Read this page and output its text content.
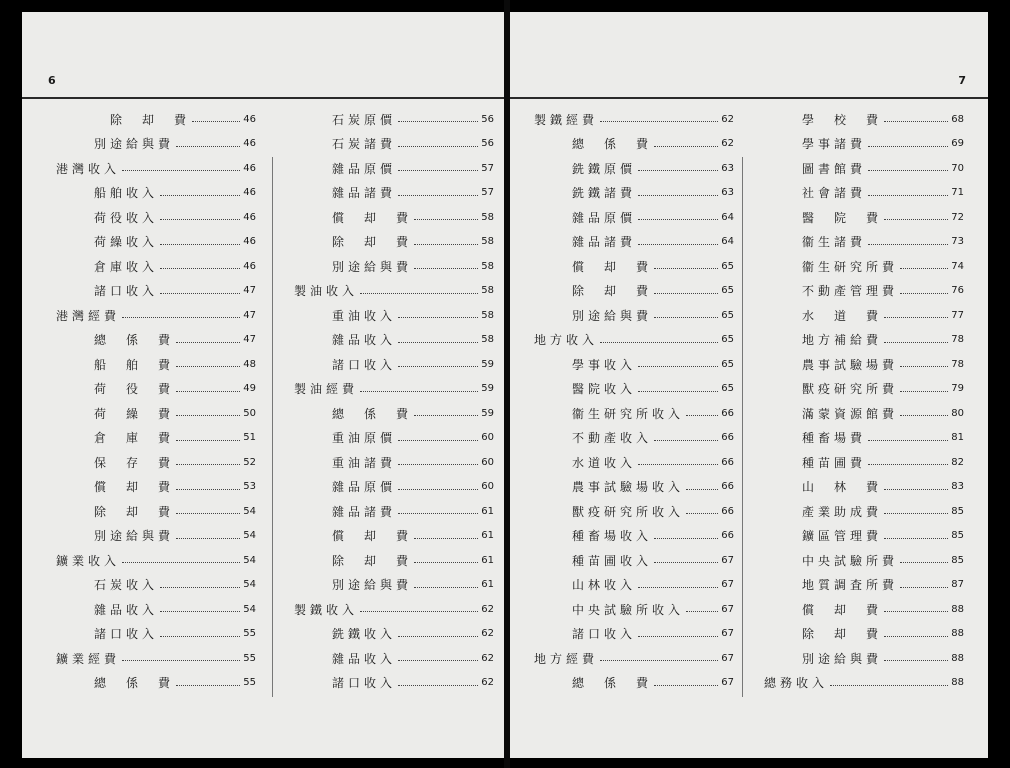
6
除　却　費	46
別途給與費	46
港灣收入	46
船舶收入	46
荷役收入	46
荷繰收入	46
倉庫收入	46
諸口收入	47
港灣經費	47
總　係　費	47
船　舶　費	48
荷　役　費	49
荷　繰　費	50
倉　庫　費	51
保　存　費	52
償　却　費	53
除　却　費	54
別途給與費	54
鑛業收入	54
石炭收入	54
雜品收入	54
諸口收入	55
鑛業經費	55
總　係　費	55
石炭原價	56
石炭諸費	56
雜品原價	57
雜品諸費	57
償　却　費	58
除　却　費	58
別途給與費	58
製油收入	58
重油收入	58
雜品收入	58
諸口收入	59
製油經費	59
總　係　費	59
重油原價	60
重油諸費	60
雜品原價	60
雜品諸費	61
償　却　費	61
除　却　費	61
別途給與費	61
製鐵收入	62
銑鐵收入	62
雜品收入	62
諸口收入	62
7
製鐵經費	62
總　係　費	62
銑鐵原價	63
銑鐵諸費	63
雜品原價	64
雜品諸費	64
償　却　費	65
除　却　費	65
別途給與費	65
地方收入	65
學事收入	65
醫院收入	65
衞生研究所收入	66
不動產收入	66
水道收入	66
農事試驗場收入	66
獸疫研究所收入	66
種畜場收入	66
種苗圃收入	67
山林收入	67
中央試驗所收入	67
諸口收入	67
地方經費	67
總　係　費	67
學　校　費	68
學事諸費	69
圖書館費	70
社會諸費	71
醫　院　費	72
衞生諸費	73
衞生研究所費	74
不動產管理費	76
水　道　費	77
地方補給費	78
農事試驗場費	78
獸疫研究所費	79
滿蒙資源館費	80
種畜場費	81
種苗圃費	82
山　林　費	83
產業助成費	85
鑛區管理費	85
中央試驗所費	85
地質調査所費	87
償　却　費	88
除　却　費	88
別途給與費	88
總務收入	88
